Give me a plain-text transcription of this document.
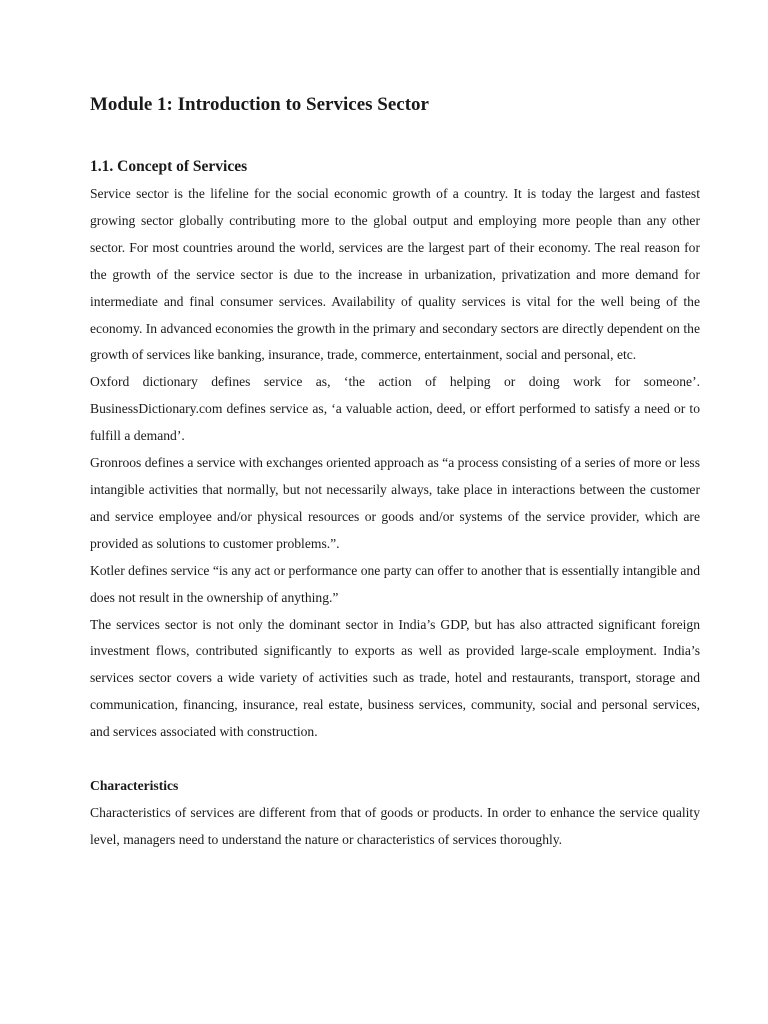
Module 1: Introduction to Services Sector
1.1. Concept of Services

Service sector is the lifeline for the social economic growth of a country. It is today the largest and fastest growing sector globally contributing more to the global output and employing more people than any other sector. For most countries around the world, services are the largest part of their economy. The real reason for the growth of the service sector is due to the increase in urbanization, privatization and more demand for intermediate and final consumer services. Availability of quality services is vital for the well being of the economy. In advanced economies the growth in the primary and secondary sectors are directly dependent on the growth of services like banking, insurance, trade, commerce, entertainment, social and personal, etc.

Oxford dictionary defines service as, ‘the action of helping or doing work for someone’. BusinessDictionary.com defines service as, ‘a valuable action, deed, or effort performed to satisfy a need or to fulfill a demand’.

Gronroos defines a service with exchanges oriented approach as “a process consisting of a series of more or less intangible activities that normally, but not necessarily always, take place in interactions between the customer and service employee and/or physical resources or goods and/or systems of the service provider, which are provided as solutions to customer problems.”.

Kotler defines service “is any act or performance one party can offer to another that is essentially intangible and does not result in the ownership of anything.”

The services sector is not only the dominant sector in India’s GDP, but has also attracted significant foreign investment flows, contributed significantly to exports as well as provided large-scale employment. India’s services sector covers a wide variety of activities such as trade, hotel and restaurants, transport, storage and communication, financing, insurance, real estate, business services, community, social and personal services, and services associated with construction.

Characteristics

Characteristics of services are different from that of goods or products. In order to enhance the service quality level, managers need to understand the nature or characteristics of services thoroughly.
